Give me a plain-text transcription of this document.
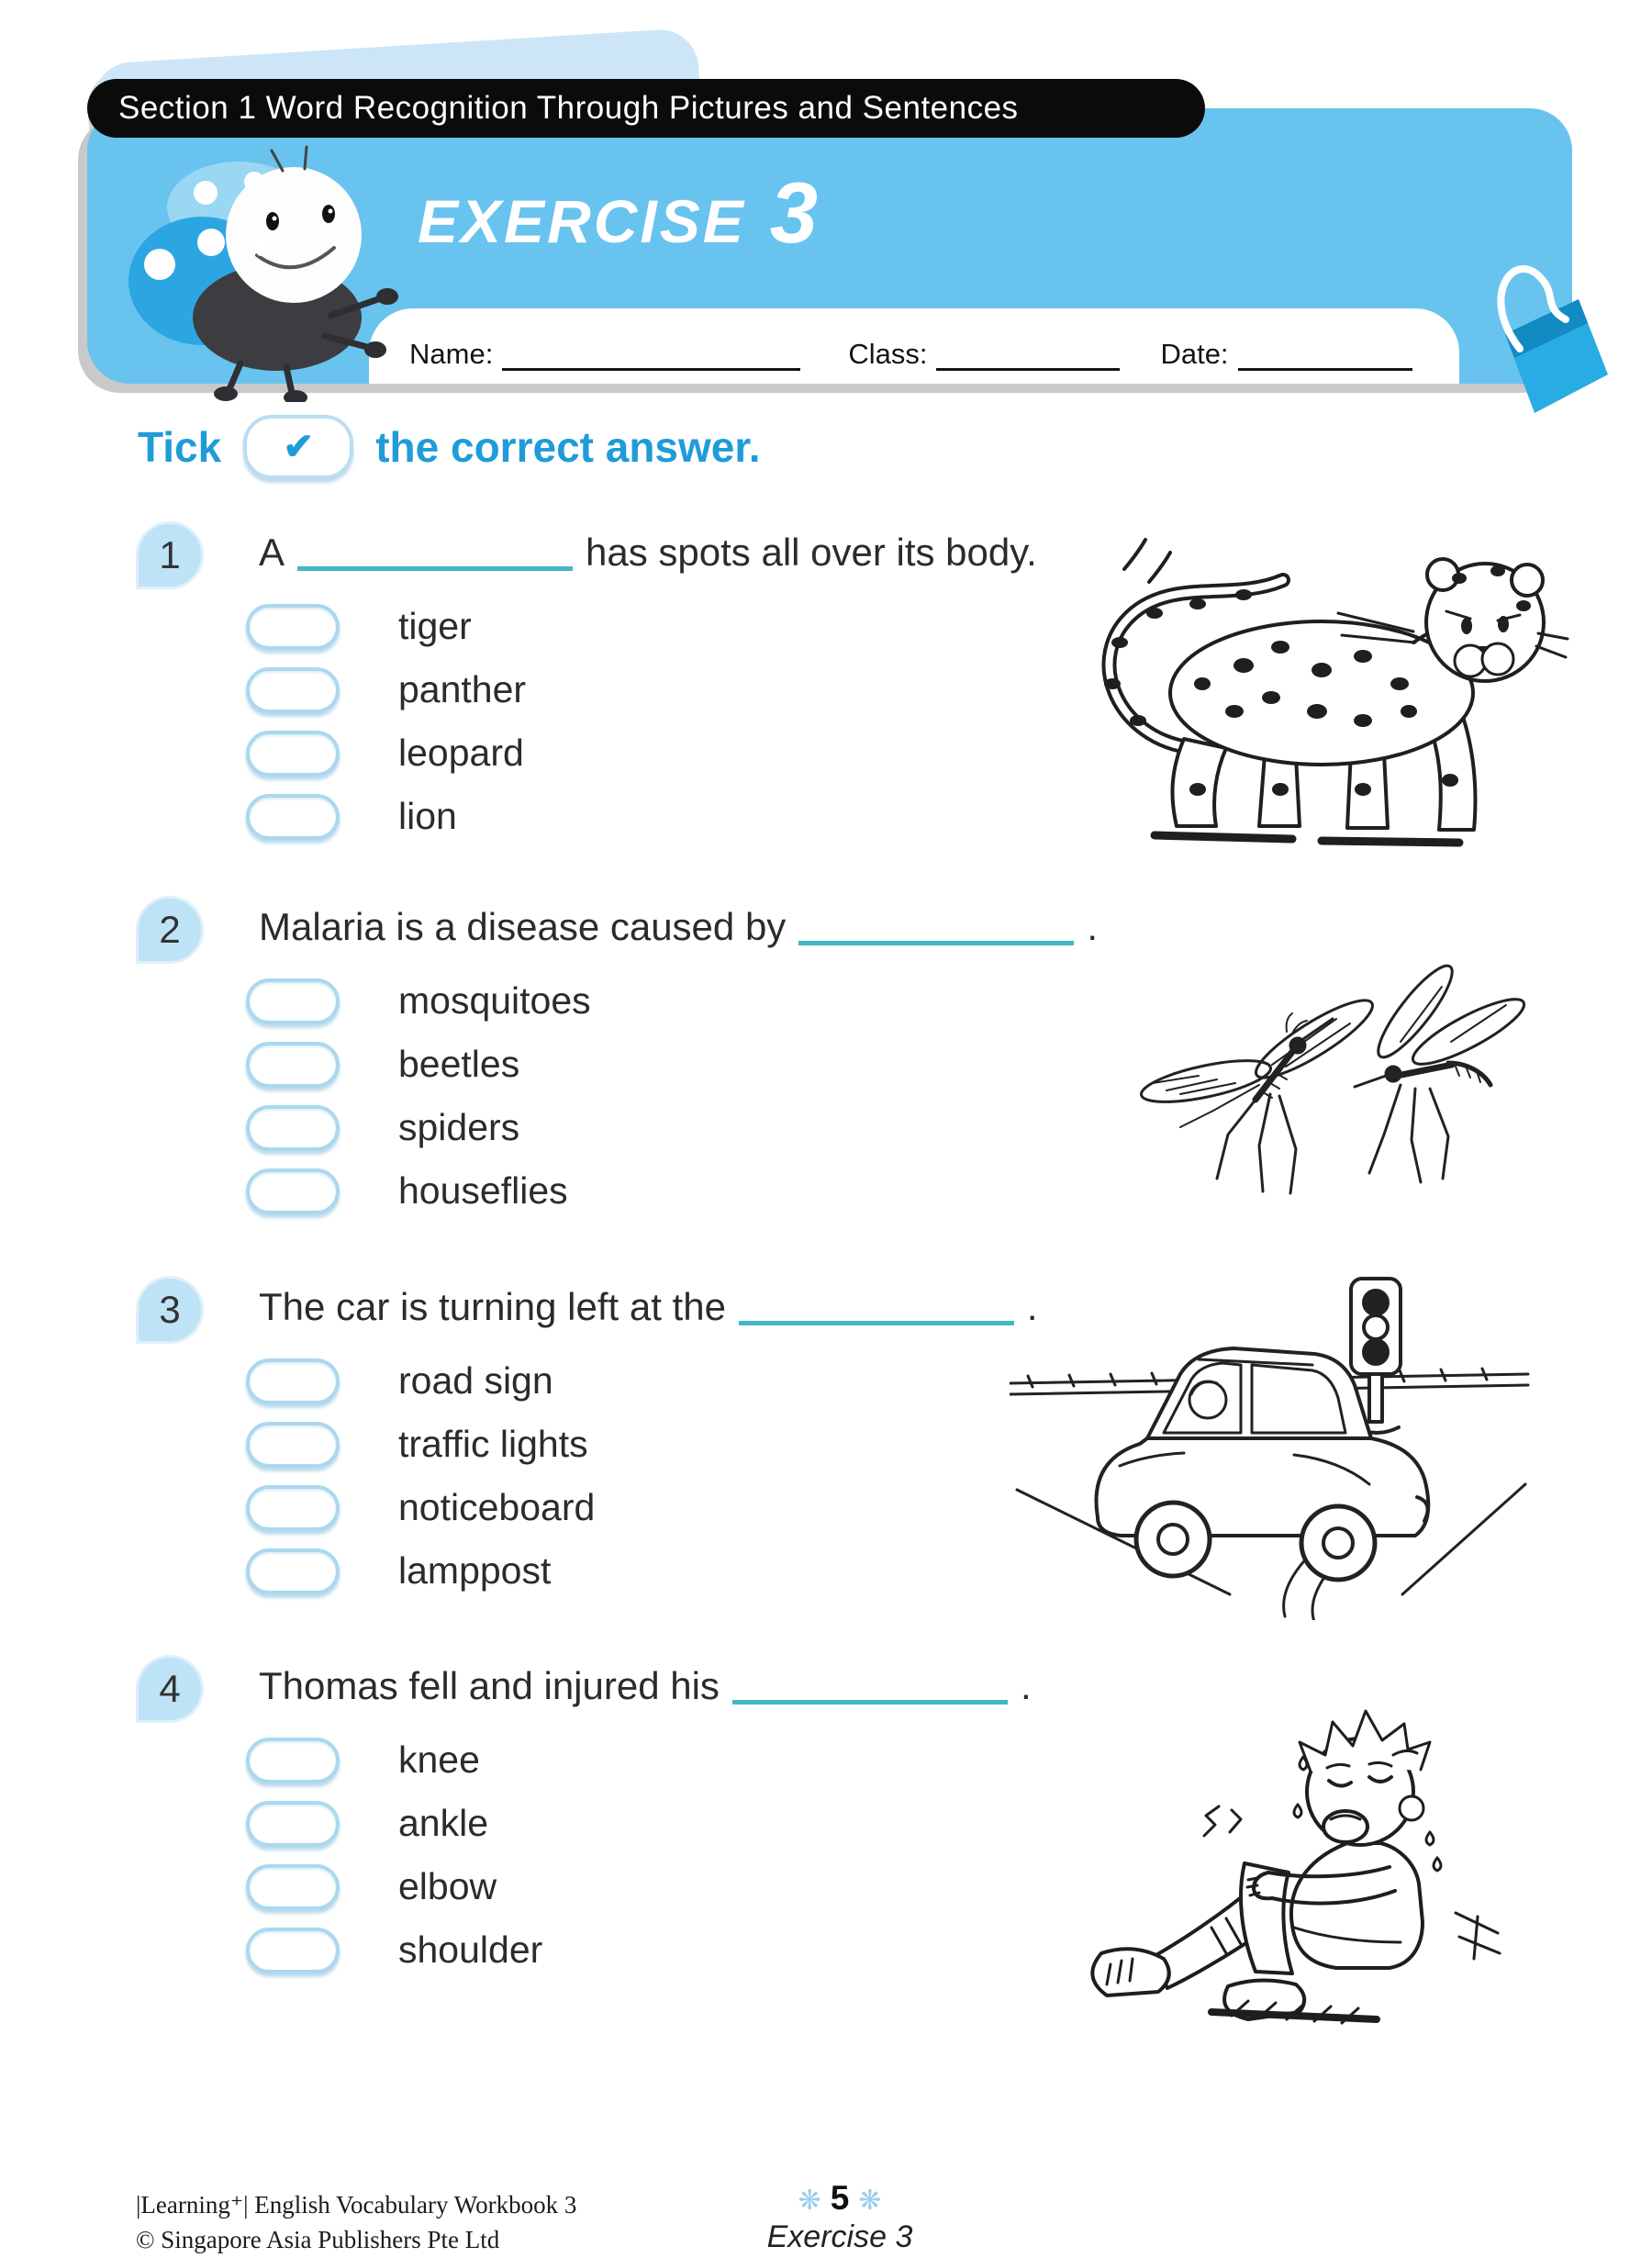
Section 1 Word Recognition Through Pictures and Sentences
EXERCISE 3
Name:	Class:	Date:
Tick ✔ the correct answer.
1 A	has spots all over its body.
tiger
panther
leopard
lion
2 Malaria is a disease caused by	.
mosquitoes
beetles
spiders
houseflies
3 The car is turning left at the	.
road sign
traffic lights
noticeboard
lamppost
4 Thomas fell and injured his	.
knee
ankle
elbow
shoulder
|Learning⁺| English Vocabulary Workbook 3
© Singapore Asia Publishers Pte Ltd
❋ 5 ❋
Exercise 3
